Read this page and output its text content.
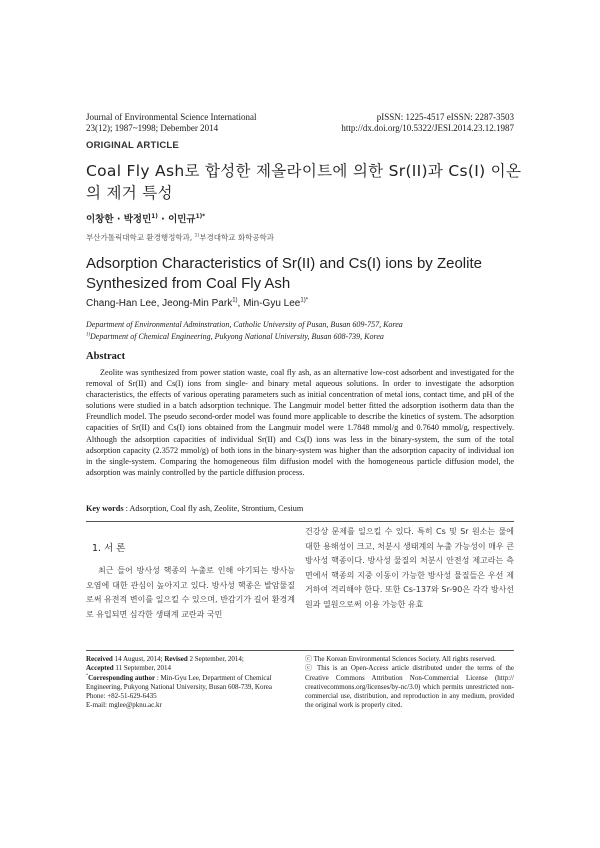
Journal of Environmental Science International
23(12); 1987~1998; Debember 2014
pISSN: 1225-4517 eISSN: 2287-3503
http://dx.doi.org/10.5322/JESI.2014.23.12.1987
ORIGINAL ARTICLE
Coal Fly Ash로 합성한 제올라이트에 의한 Sr(II)과 Cs(I) 이온의 제거 특성
이창한 · 박정민$^{1)}$ · 이민규$^{1)*}$
부산가톨릭대학교 환경행정학과, $^{1)}$부경대학교 화학공학과
Adsorption Characteristics of Sr(II) and Cs(I) ions by Zeolite Synthesized from Coal Fly Ash
Chang-Han Lee, Jeong-Min Park$^{1)}$, Min-Gyu Lee$^{1)*}$
Department of Environmental Adminstration, Catholic University of Pusan, Busan 609-757, Korea
$^{1)}$Department of Chemical Engineering, Pukyong National University, Busan 608-739, Korea
Abstract
Zeolite was synthesized from power station waste, coal fly ash, as an alternative low-cost adsorbent and investigated for the removal of Sr(II) and Cs(I) ions from single- and binary metal aqueous solutions. In order to investigate the adsorption characteristics, the effects of various operating parameters such as initial concentration of metal ions, contact time, and pH of the solutions were studied in a batch adsorption technique. The Langmuir model better fitted the adsorption isotherm data than the Freundlich model. The pseudo second-order model was found more applicable to describe the kinetics of system. The adsorption capacities of Sr(II) and Cs(I) ions obtained from the Langmuir model were 1.7848 mmol/g and 0.7640 mmol/g, respectively. Although the adsorption capacities of individual Sr(II) and Cs(I) ions was less in the binary-system, the sum of the total adsorption capacity (2.3572 mmol/g) of both ions in the binary-system was higher than the adsorption capacity of individual ion in the single-system. Comparing the homogeneous film diffusion model with the homogeneous particle diffusion model, the adsorption was mainly controlled by the particle diffusion process.
Key words : Adsorption, Coal fly ash, Zeolite, Strontium, Cesium
1. 서 론
최근 들어 방사성 핵종의 누출로 인해 야기되는 방사능 오염에 대한 관심이 높아지고 있다. 방사성 핵종은 발암물질로써 유전적 변이를 일으킬 수 있으며, 반감기가 길어 환경계로 유입되면 심각한 생태계 교란과 국민
건강상 문제를 일으킬 수 있다. 특히 Cs 및 Sr 원소는 물에 대한 용해성이 크고, 처분시 생태계의 누출 가능성이 매우 큰 방사성 핵종이다. 방사성 물질의 처분시 안전성 제고라는 측면에서 핵종의 지중 이동이 가능한 방사성 물질들은 우선 제거하여 격리해야 한다. 또한 Cs-137와 Sr-90은 각각 방사선원과 열원으로써 이용 가능한 유효
Received 14 August, 2014; Revised 2 September, 2014;
Accepted 11 September, 2014
*Corresponding author : Min-Gyu Lee, Department of Chemical Engineering, Pukyong National University, Busan 608-739, Korea
Phone: +82-51-629-6435
E-mail: mglee@pknu.ac.kr
ⓒ The Korean Environmental Sciences Society. All rights reserved.
ⓒ This is an Open-Access article distributed under the terms of the Creative Commons Attribution Non-Commercial License (http:// creativecommons.org/licenses/by-nc/3.0) which permits unrestricted non-commercial use, distribution, and reproduction in any medium, provided the original work is properly cited.
